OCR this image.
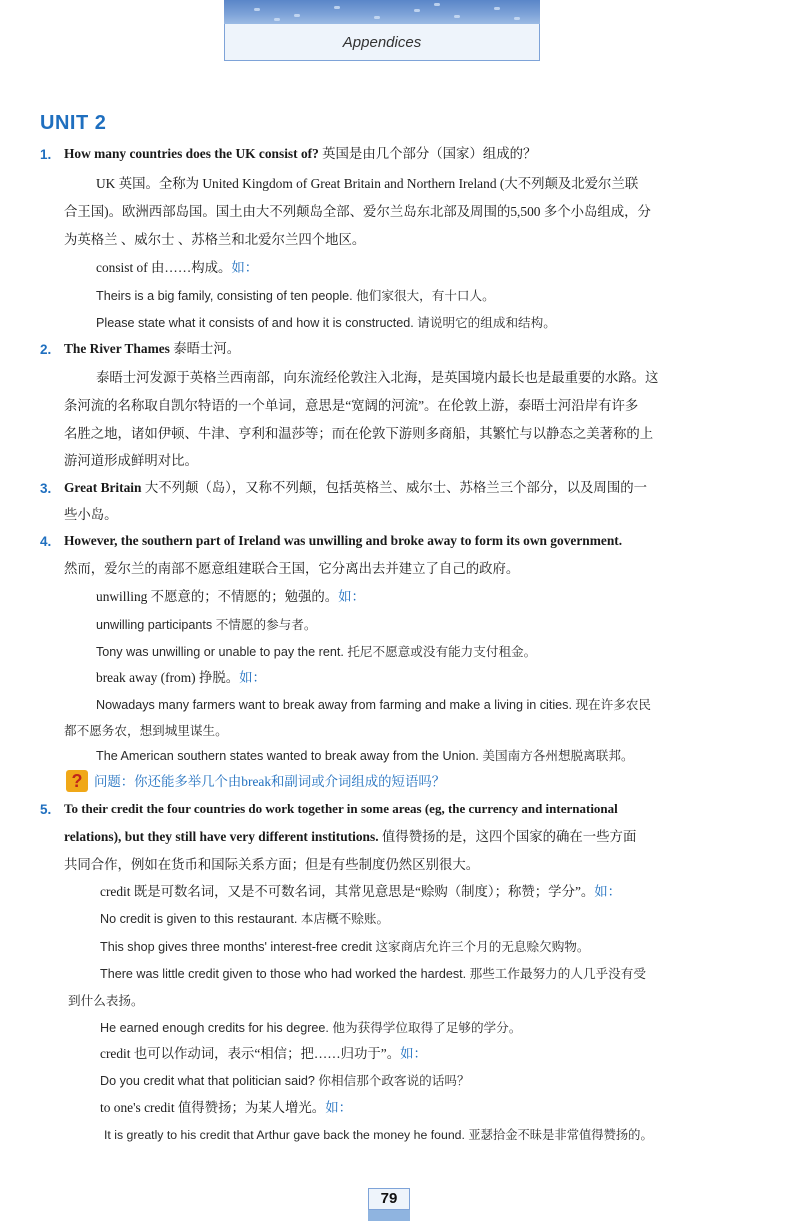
Appendices
UNIT 2
1. How many countries does the UK consist of? 英国是由几个部分（国家）组成的？
UK 英国。全称为 United Kingdom of Great Britain and Northern Ireland (大不列颠及北爱尔兰联
合王国)。欧洲西部岛国。国土由大不列颠岛全部、爱尔兰岛东北部及周围的5,500 多个小岛组成，分
为英格兰 、威尔士 、苏格兰和北爱尔兰四个地区。
consist of 由……构成。如：
Theirs is a big family, consisting of ten people. 他们家很大，有十口人。
Please state what it consists of and how it is constructed. 请说明它的组成和结构。
2. The River Thames 泰晤士河。
泰晤士河发源于英格兰西南部，向东流经伦敦注入北海，是英国境内最长也是最重要的水路。这
条河流的名称取自凯尔特语的一个单词，意思是“宽阔的河流”。在伦敦上游，泰晤士河沿岸有许多
名胜之地，诸如伊顿、牛津、亨利和温莎等；而在伦敦下游则多商船，其繁忙与以静态之美著称的上
游河道形成鲜明对比。
3. Great Britain 大不列颠（岛），又称不列颠，包括英格兰、威尔士、苏格兰三个部分，以及周围的一
些小岛。
4. However, the southern part of Ireland was unwilling and broke away to form its own government.
然而，爱尔兰的南部不愿意组建联合王国，它分离出去并建立了自己的政府。
unwilling 不愿意的；不情愿的；勉强的。如：
unwilling participants 不情愿的参与者。
Tony was unwilling or unable to pay the rent. 托尼不愿意或没有能力支付租金。
break away (from) 挣脱。如：
Nowadays many farmers want to break away from farming and make a living in cities. 现在许多农民
都不愿务农，想到城里谋生。
The American southern states wanted to break away from the Union. 美国南方各州想脱离联邦。
? 问题：你还能多举几个由break和副词或介词组成的短语吗？
5. To their credit the four countries do work together in some areas (eg, the currency and international
relations), but they still have very different institutions. 值得赞扬的是，这四个国家的确在一些方面
共同合作，例如在货币和国际关系方面；但是有些制度仍然区别很大。
credit 既是可数名词，又是不可数名词，其常见意思是“赊购（制度）；称赞；学分”。如：
No credit is given to this restaurant. 本店概不赊账。
This shop gives three months' interest-free credit 这家商店允许三个月的无息赊欠购物。
There was little credit given to those who had worked the hardest. 那些工作最努力的人几乎没有受
到什么表扬。
He earned enough credits for his degree. 他为获得学位取得了足够的学分。
credit 也可以作动词，表示“相信；把……归功于”。如：
Do you credit what that politician said? 你相信那个政客说的话吗？
to one's credit 值得赞扬；为某人增光。如：
It is greatly to his credit that Arthur gave back the money he found. 亚瑟拾金不昧是非常值得赞扬的。
79
